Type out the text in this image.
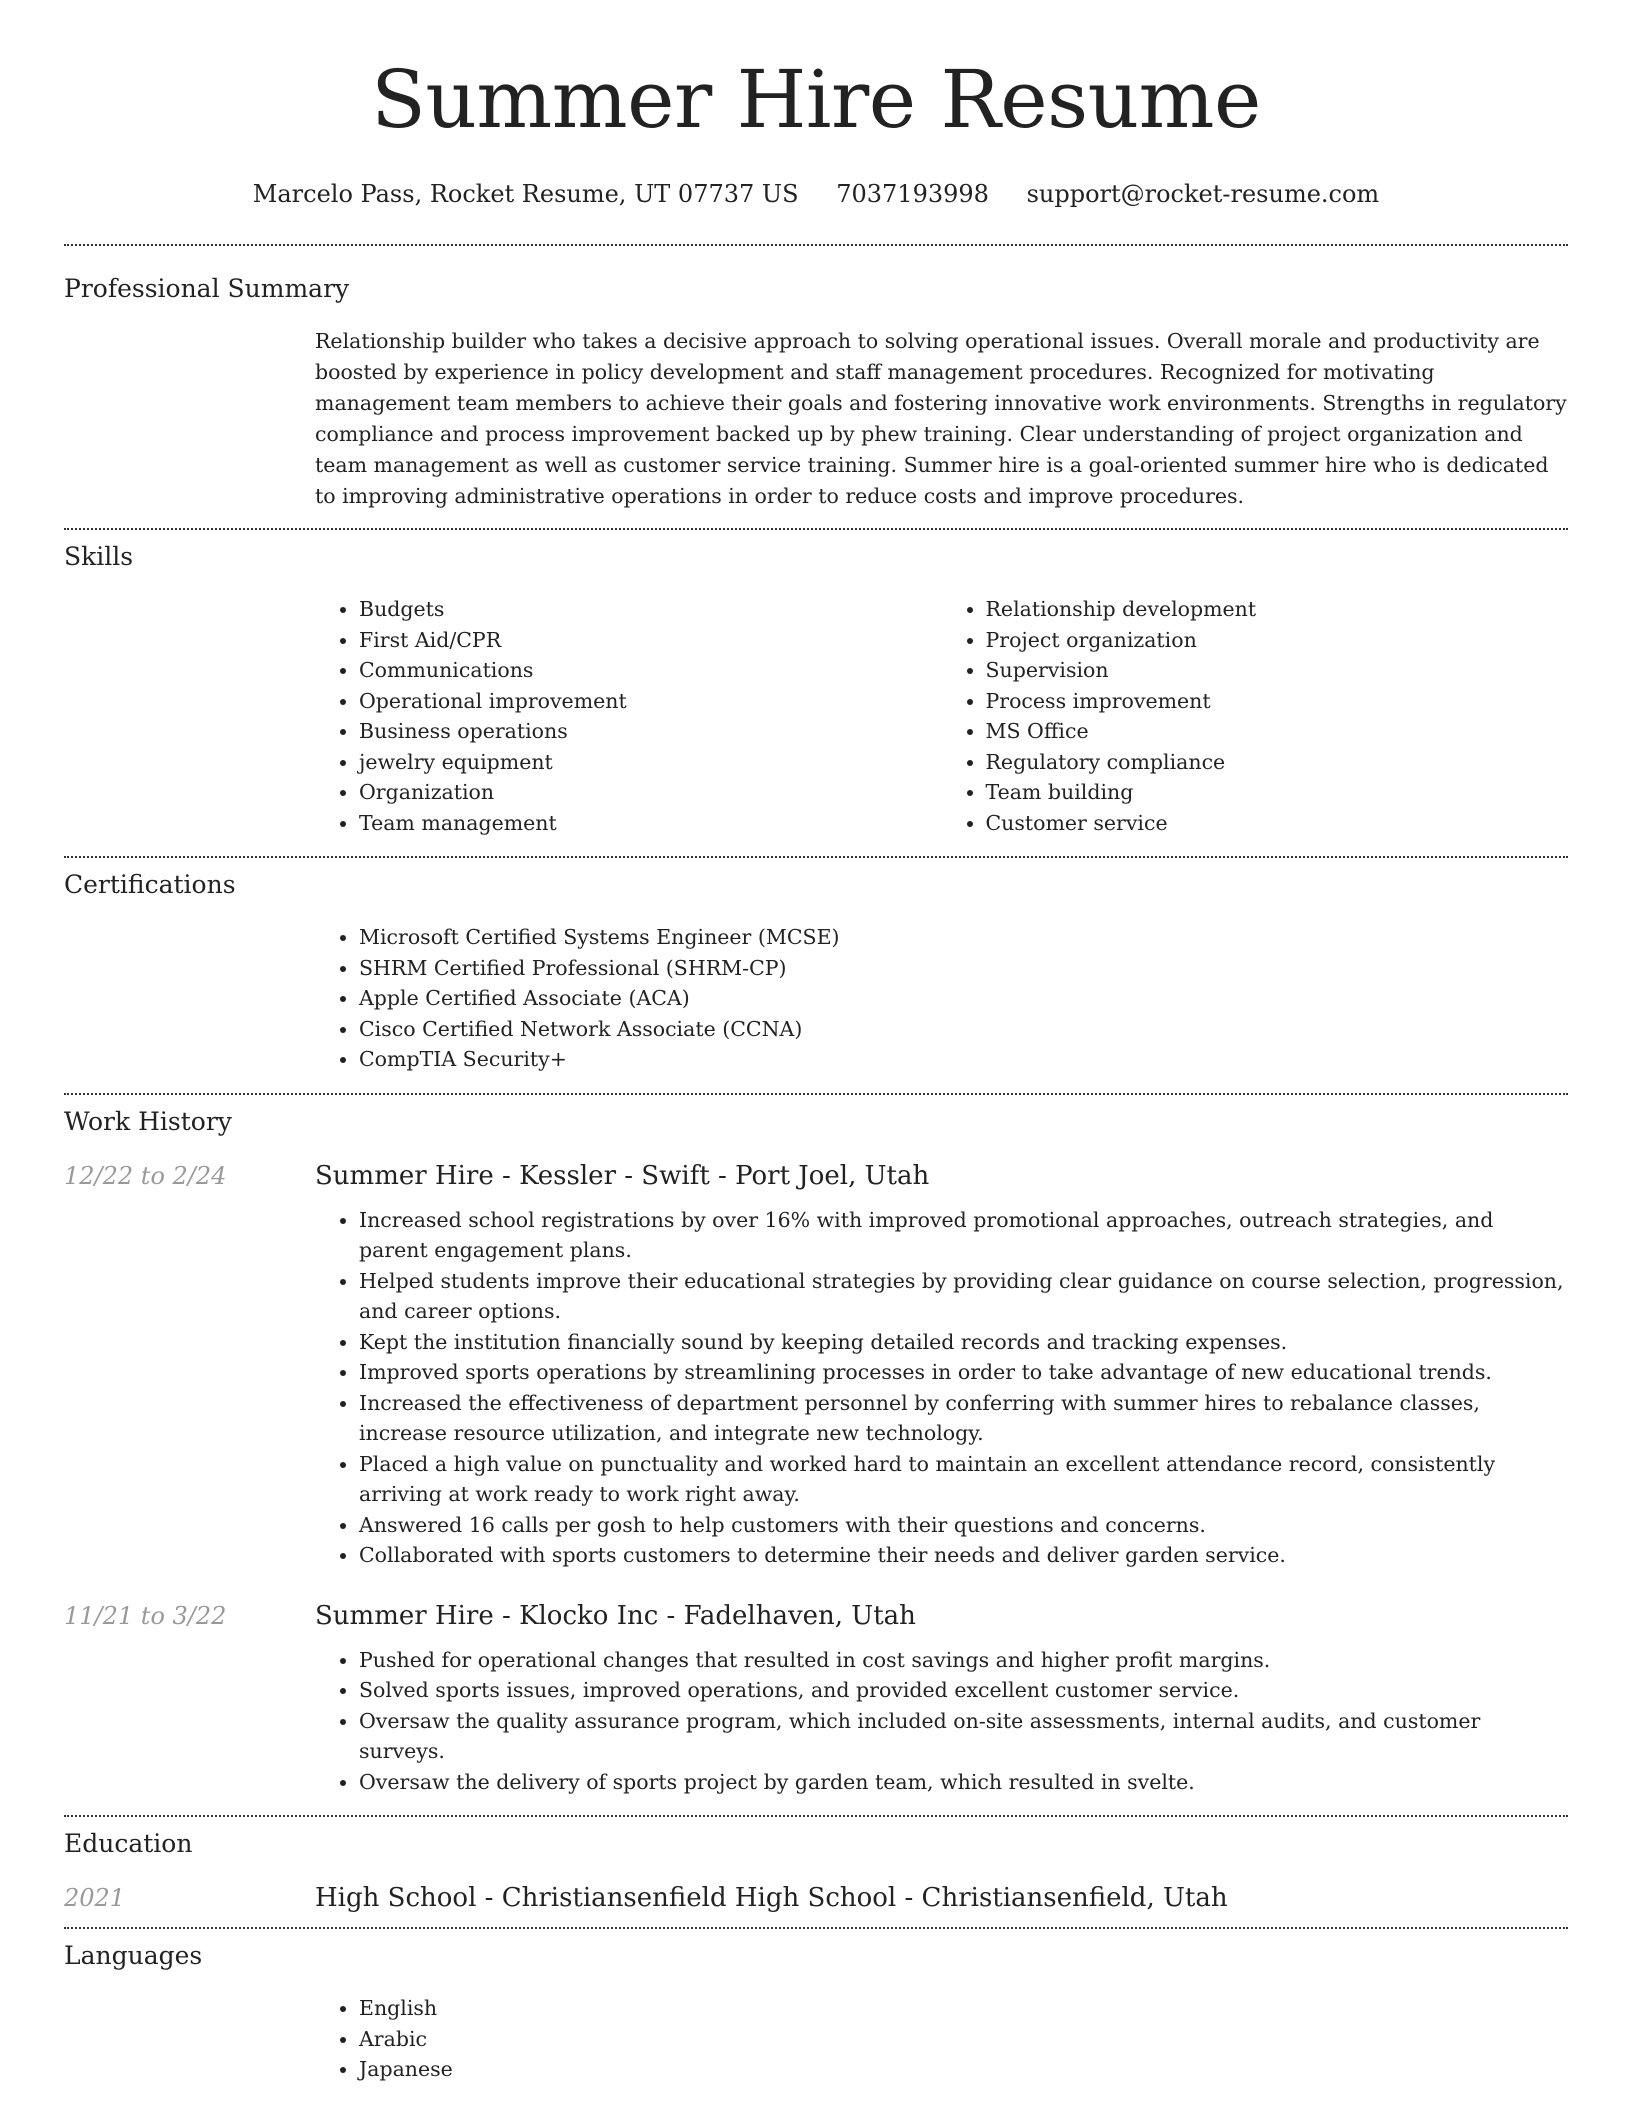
Summer Hire Resume
Marcelo Pass, Rocket Resume, UT 07737 US 7037193998 support@rocket-resume.com
Professional Summary

Relationship builder who takes a decisive approach to solving operational issues. Overall morale and productivity are boosted by experience in policy development and staff management procedures. Recognized for motivating management team members to achieve their goals and fostering innovative work environments. Strengths in regulatory compliance and process improvement backed up by phew training. Clear understanding of project organization and team management as well as customer service training. Summer hire is a goal-oriented summer hire who is dedicated to improving administrative operations in order to reduce costs and improve procedures.

Skills
• Budgets
• First Aid/CPR
• Communications
• Operational improvement
• Business operations
• jewelry equipment
• Organization
• Team management
• Relationship development
• Project organization
• Supervision
• Process improvement
• MS Office
• Regulatory compliance
• Team building
• Customer service
Certifications
• Microsoft Certified Systems Engineer (MCSE)
• SHRM Certified Professional (SHRM-CP)
• Apple Certified Associate (ACA)
• Cisco Certified Network Associate (CCNA)
• CompTIA Security+
Work History
12/22 to 2/24	Summer Hire - Kessler - Swift - Port Joel, Utah
• Increased school registrations by over 16% with improved promotional approaches, outreach strategies, and parent engagement plans.
• Helped students improve their educational strategies by providing clear guidance on course selection, progression, and career options.
• Kept the institution financially sound by keeping detailed records and tracking expenses.
• Improved sports operations by streamlining processes in order to take advantage of new educational trends.
• Increased the effectiveness of department personnel by conferring with summer hires to rebalance classes, increase resource utilization, and integrate new technology.
• Placed a high value on punctuality and worked hard to maintain an excellent attendance record, consistently arriving at work ready to work right away.
• Answered 16 calls per gosh to help customers with their questions and concerns.
• Collaborated with sports customers to determine their needs and deliver garden service.
11/21 to 3/22	Summer Hire - Klocko Inc - Fadelhaven, Utah
• Pushed for operational changes that resulted in cost savings and higher profit margins.
• Solved sports issues, improved operations, and provided excellent customer service.
• Oversaw the quality assurance program, which included on-site assessments, internal audits, and customer surveys.
• Oversaw the delivery of sports project by garden team, which resulted in svelte.
Education
2021	High School - Christiansenfield High School - Christiansenfield, Utah
Languages
• English
• Arabic
• Japanese
